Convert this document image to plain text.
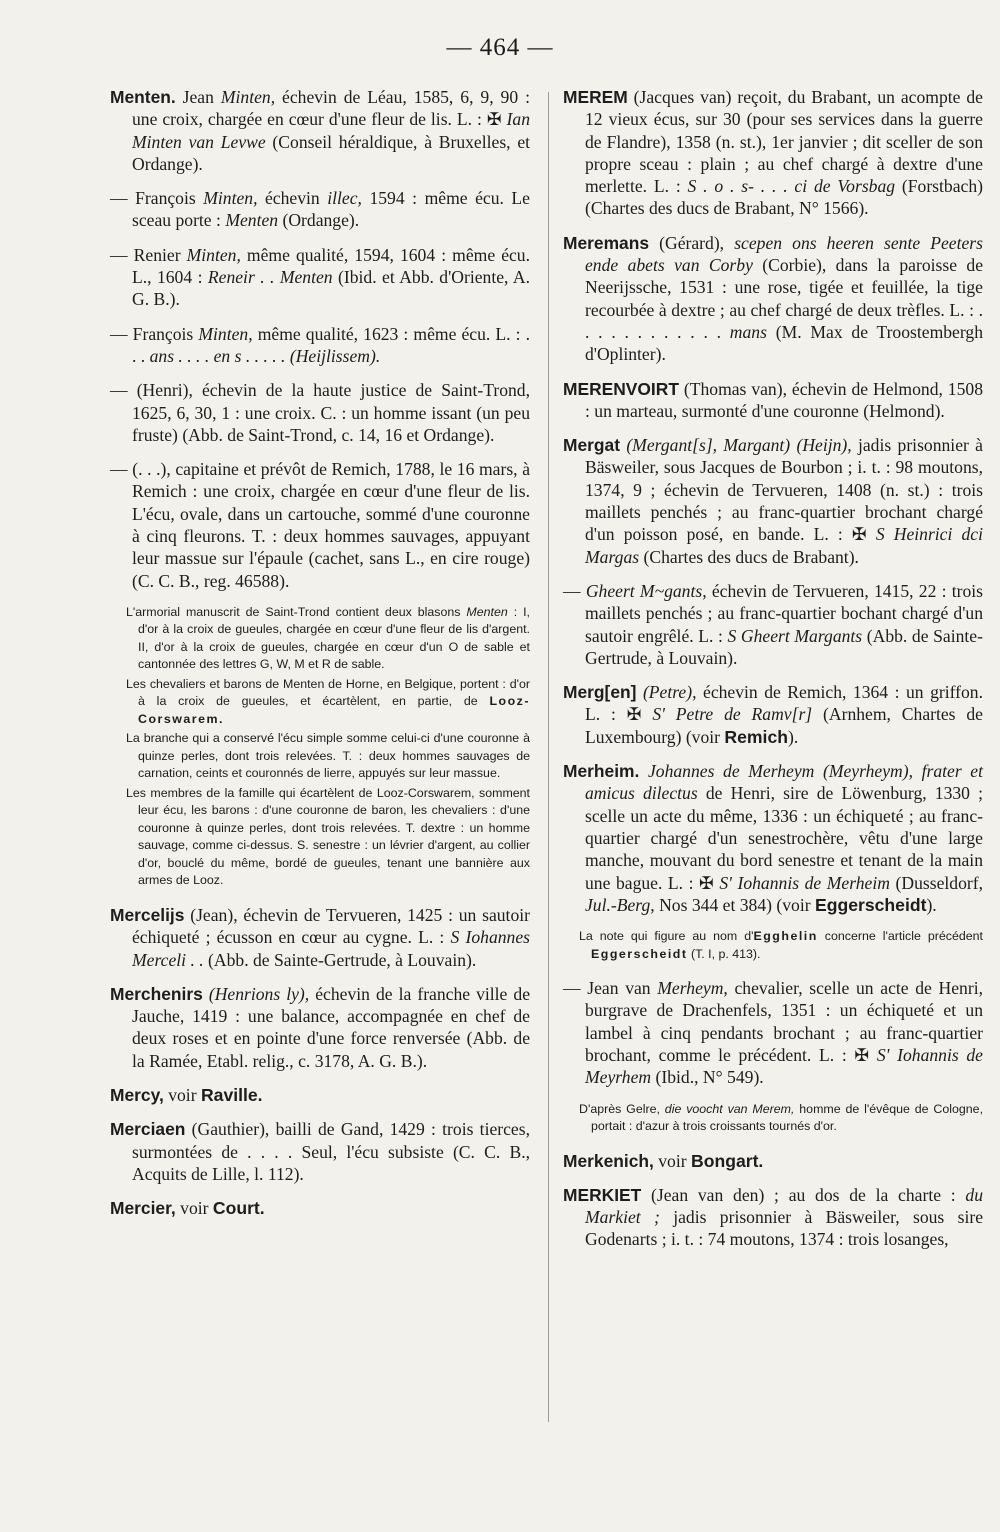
— 464 —

Menten. Jean Minten, échevin de Léau, 1585, 6, 9, 90 : une croix, chargée en cœur d'une fleur de lis. L. : ✠ Ian Minten van Levwe (Conseil héraldique, à Bruxelles, et Ordange).

— François Minten, échevin illec, 1594 : même écu. Le sceau porte : Menten (Ordange).

— Renier Minten, même qualité, 1594, 1604 : même écu. L., 1604 : Reneir . . Menten (Ibid. et Abb. d'Oriente, A. G. B.).

— François Minten, même qualité, 1623 : même écu. L. : . . . ans . . . . en s . . . . . (Heijlissem).

— (Henri), échevin de la haute justice de Saint-Trond, 1625, 6, 30, 1 : une croix. C. : un homme issant (un peu fruste) (Abb. de Saint-Trond, c. 14, 16 et Ordange).

— (. . .), capitaine et prévôt de Remich, 1788, le 16 mars, à Remich : une croix, chargée en cœur d'une fleur de lis. L'écu, ovale, dans un cartouche, sommé d'une couronne à cinq fleurons. T. : deux hommes sauvages, appuyant leur massue sur l'épaule (cachet, sans L., en cire rouge) (C. C. B., reg. 46588).

L'armorial manuscrit de Saint-Trond contient deux blasons Menten : I, d'or à la croix de gueules, chargée en cœur d'une fleur de lis d'argent. II, d'or à la croix de gueules, chargée en cœur d'un O de sable et cantonnée des lettres G, W, M et R de sable.

Les chevaliers et barons de Menten de Horne, en Belgique, portent : d'or à la croix de gueules, et écartèlent, en partie, de Looz-Corswarem.

La branche qui a conservé l'écu simple somme celui-ci d'une couronne à quinze perles, dont trois relevées. T. : deux hommes sauvages de carnation, ceints et couronnés de lierre, appuyés sur leur massue.

Les membres de la famille qui écartèlent de Looz-Corswarem, somment leur écu, les barons : d'une couronne de baron, les chevaliers : d'une couronne à quinze perles, dont trois relevées. T. dextre : un homme sauvage, comme ci-dessus. S. senestre : un lévrier d'argent, au collier d'or, bouclé du même, bordé de gueules, tenant une bannière aux armes de Looz.

Mercelijs (Jean), échevin de Tervueren, 1425 : un sautoir échiqueté ; écusson en cœur au cygne. L. : S Iohannes Merceli . . (Abb. de Sainte-Gertrude, à Louvain).

Merchenirs (Henrions ly), échevin de la franche ville de Jauche, 1419 : une balance, accompagnée en chef de deux roses et en pointe d'une force renversée (Abb. de la Ramée, Etabl. relig., c. 3178, A. G. B.).

Mercy, voir Raville.

Merciaen (Gauthier), bailli de Gand, 1429 : trois tierces, surmontées de . . . . Seul, l'écu subsiste (C. C. B., Acquits de Lille, l. 112).

Mercier, voir Court.

MEREM (Jacques van) reçoit, du Brabant, un acompte de 12 vieux écus, sur 30 (pour ses services dans la guerre de Flandre), 1358 (n. st.), 1er janvier ; dit sceller de son propre sceau : plain ; au chef chargé à dextre d'une merlette. L. : S . o . s- . . . ci de Vorsbag (Forstbach) (Chartes des ducs de Brabant, N° 1566).

Meremans (Gérard), scepen ons heeren sente Peeters ende abets van Corby (Corbie), dans la paroisse de Neerijssche, 1531 : une rose, tigée et feuillée, la tige recourbée à dextre ; au chef chargé de deux trèfles. L. : . . . . . . . . . . . . mans (M. Max de Troostembergh d'Oplinter).

MERENVOIRT (Thomas van), échevin de Helmond, 1508 : un marteau, surmonté d'une couronne (Helmond).

Mergat (Mergant[s], Margant) (Heijn), jadis prisonnier à Bäsweiler, sous Jacques de Bourbon ; i. t. : 98 moutons, 1374, 9 ; échevin de Tervueren, 1408 (n. st.) : trois maillets penchés ; au franc-quartier brochant chargé d'un poisson posé, en bande. L. : ✠ S Heinrici dci Margas (Chartes des ducs de Brabant).

— Gheert M~gants, échevin de Tervueren, 1415, 22 : trois maillets penchés ; au franc-quartier bochant chargé d'un sautoir engrêlé. L. : S Gheert Margants (Abb. de Sainte-Gertrude, à Louvain).

Merg[en] (Petre), échevin de Remich, 1364 : un griffon. L. : ✠ S' Petre de Ramv[r] (Arnhem, Chartes de Luxembourg) (voir Remich).

Merheim. Johannes de Merheym (Meyrheym), frater et amicus dilectus de Henri, sire de Löwenburg, 1330 ; scelle un acte du même, 1336 : un échiqueté ; au franc-quartier chargé d'un senestrochère, vêtu d'une large manche, mouvant du bord senestre et tenant de la main une bague. L. : ✠ S' Iohannis de Merheim (Dusseldorf, Jul.-Berg, Nos 344 et 384) (voir Eggerscheidt).

La note qui figure au nom d'Egghelin concerne l'article précédent Eggerscheidt (T. I, p. 413).

— Jean van Merheym, chevalier, scelle un acte de Henri, burgrave de Drachenfels, 1351 : un échiqueté et un lambel à cinq pendants brochant ; au franc-quartier brochant, comme le précédent. L. : ✠ S' Iohannis de Meyrhem (Ibid., N° 549).

D'après Gelre, die voocht van Merem, homme de l'évêque de Cologne, portait : d'azur à trois croissants tournés d'or.

Merkenich, voir Bongart.

MERKIET (Jean van den) ; au dos de la charte : du Markiet ; jadis prisonnier à Bäsweiler, sous sire Godenarts ; i. t. : 74 moutons, 1374 : trois losanges,
